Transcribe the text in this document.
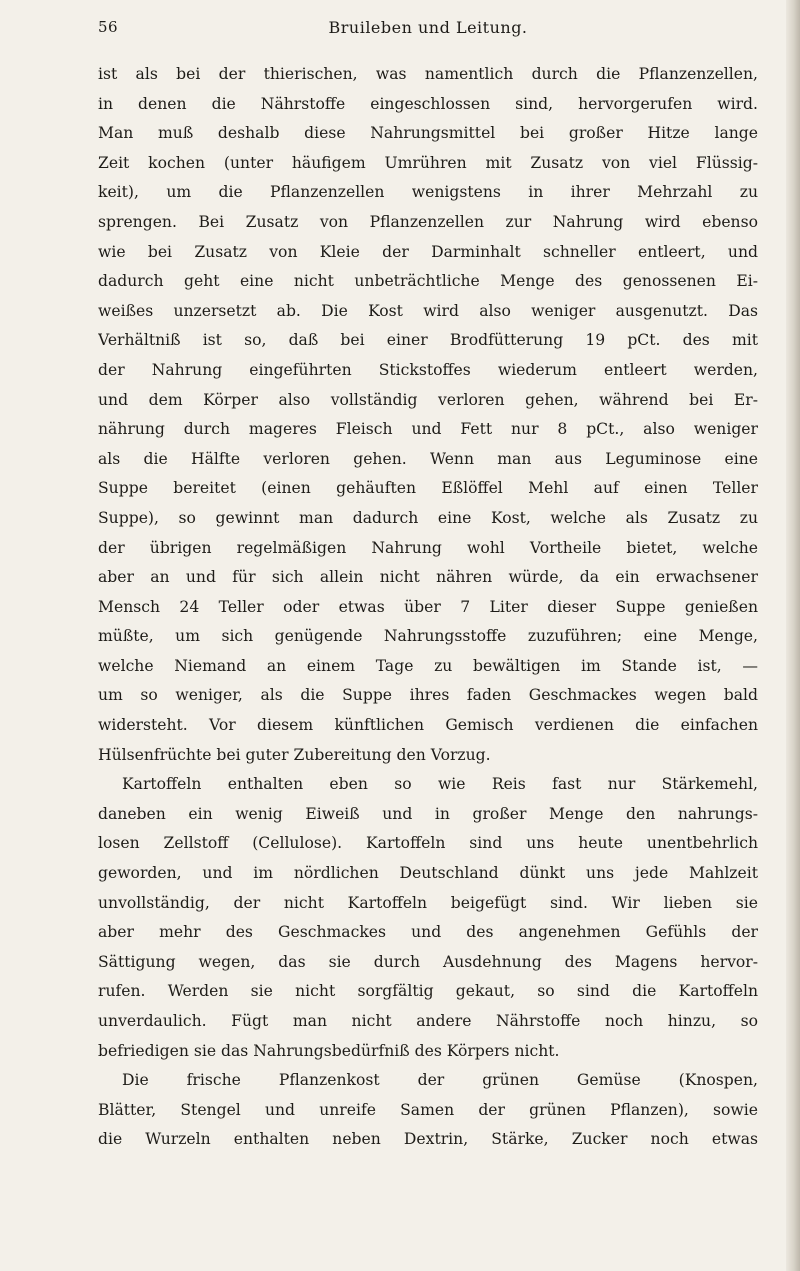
56	Bruileben und Leitung.
ist als bei der thierischen, was namentlich durch die Pflanzenzellen,
in denen die Nährstoffe eingeschlossen sind, hervorgerufen wird.
Man muß deshalb diese Nahrungsmittel bei großer Hitze lange
Zeit kochen (unter häufigem Umrühren mit Zusatz von viel Flüssig-
keit), um die Pflanzenzellen wenigstens in ihrer Mehrzahl zu
sprengen. Bei Zusatz von Pflanzenzellen zur Nahrung wird ebenso
wie bei Zusatz von Kleie der Darminhalt schneller entleert, und
dadurch geht eine nicht unbeträchtliche Menge des genossenen Ei-
weißes unzersetzt ab. Die Kost wird also weniger ausgenutzt. Das
Verhältniß ist so, daß bei einer Brodfütterung 19 pCt. des mit
der Nahrung eingeführten Stickstoffes wiederum entleert werden,
und dem Körper also vollständig verloren gehen, während bei Er-
nährung durch mageres Fleisch und Fett nur 8 pCt., also weniger
als die Hälfte verloren gehen. Wenn man aus Leguminose eine
Suppe bereitet (einen gehäuften Eßlöffel Mehl auf einen Teller
Suppe), so gewinnt man dadurch eine Kost, welche als Zusatz zu
der übrigen regelmäßigen Nahrung wohl Vortheile bietet, welche
aber an und für sich allein nicht nähren würde, da ein erwachsener
Mensch 24 Teller oder etwas über 7 Liter dieser Suppe genießen
müßte, um sich genügende Nahrungsstoffe zuzuführen; eine Menge,
welche Niemand an einem Tage zu bewältigen im Stande ist, —
um so weniger, als die Suppe ihres faden Geschmackes wegen bald
widersteht. Vor diesem künftlichen Gemisch verdienen die einfachen
Hülsenfrüchte bei guter Zubereitung den Vorzug.
Kartoffeln enthalten eben so wie Reis fast nur Stärkemehl,
daneben ein wenig Eiweiß und in großer Menge den nahrungs-
losen Zellstoff (Cellulose). Kartoffeln sind uns heute unentbehrlich
geworden, und im nördlichen Deutschland dünkt uns jede Mahlzeit
unvollständig, der nicht Kartoffeln beigefügt sind. Wir lieben sie
aber mehr des Geschmackes und des angenehmen Gefühls der
Sättigung wegen, das sie durch Ausdehnung des Magens hervor-
rufen. Werden sie nicht sorgfältig gekaut, so sind die Kartoffeln
unverdaulich. Fügt man nicht andere Nährstoffe noch hinzu, so
befriedigen sie das Nahrungsbedürfniß des Körpers nicht.
Die frische Pflanzenkost der grünen Gemüse (Knospen,
Blätter, Stengel und unreife Samen der grünen Pflanzen), sowie
die Wurzeln enthalten neben Dextrin, Stärke, Zucker noch etwas
